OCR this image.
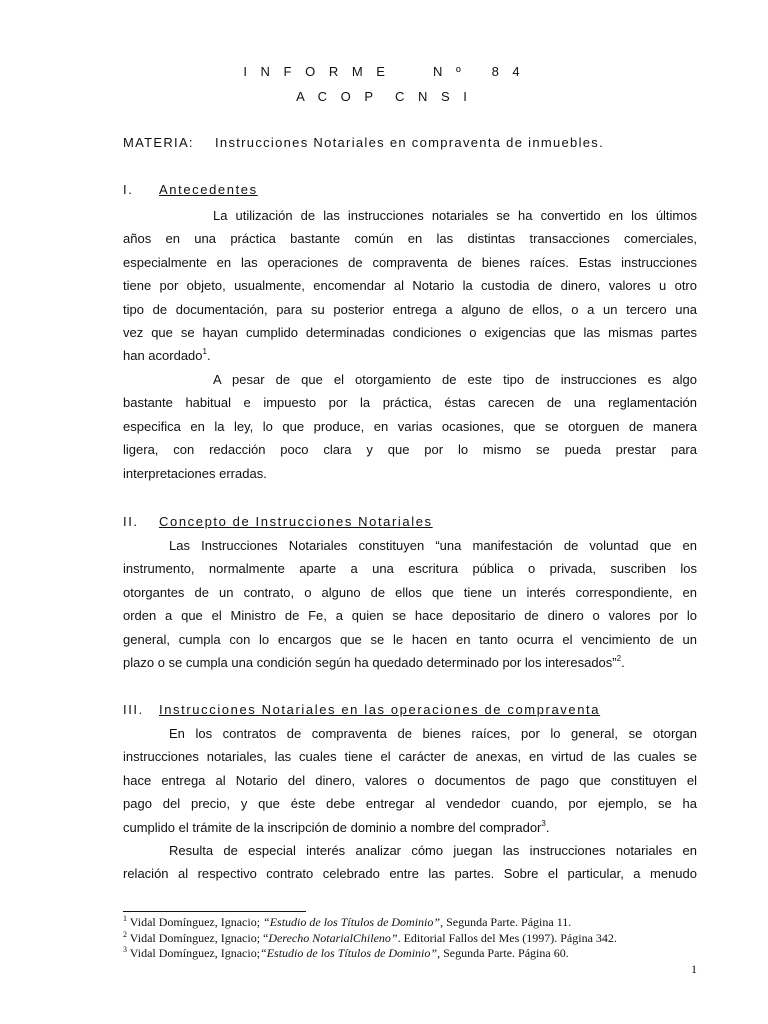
I N F O R M E     N º   8 4
A C O P  C N S I
MATERIA: Instrucciones Notariales en compraventa de inmuebles.
I. Antecedentes
La utilización de las instrucciones notariales se ha convertido en los últimos
años en una práctica bastante común en las distintas transacciones comerciales,
especialmente en las operaciones de compraventa de bienes raíces. Estas instrucciones
tiene por objeto, usualmente, encomendar al Notario la custodia de dinero, valores u otro
tipo de documentación, para su posterior entrega a alguno de ellos, o a un tercero una
vez que se hayan cumplido determinadas condiciones o exigencias que las mismas partes
han acordado$^1$.
A pesar de que el otorgamiento de este tipo de instrucciones es algo
bastante habitual e impuesto por la práctica, éstas carecen de una reglamentación
especifica en la ley, lo que produce, en varias ocasiones, que se otorguen de manera
ligera, con redacción poco clara y que por lo mismo se pueda prestar para
interpretaciones erradas.
II. Concepto de Instrucciones Notariales
Las Instrucciones Notariales constituyen “una manifestación de voluntad que en
instrumento, normalmente aparte a una escritura pública o privada, suscriben los
otorgantes de un contrato, o alguno de ellos que tiene un interés correspondiente, en
orden a que el Ministro de Fe, a quien se hace depositario de dinero o valores por lo
general, cumpla con lo encargos que se le hacen en tanto ocurra el vencimiento de un
plazo o se cumpla una condición según ha quedado determinado por los interesados”$^2$.
III. Instrucciones Notariales en las operaciones de compraventa
En los contratos de compraventa de bienes raíces, por lo general, se otorgan
instrucciones notariales, las cuales tiene el carácter de anexas, en virtud de las cuales se
hace entrega al Notario del dinero, valores o documentos de pago que constituyen el
pago del precio, y que éste debe entregar al vendedor cuando, por ejemplo, se ha
cumplido el trámite de la inscripción de dominio a nombre del comprador$^3$.
Resulta de especial interés analizar cómo juegan las instrucciones notariales en
relación al respectivo contrato celebrado entre las partes. Sobre el particular, a menudo
$^1$ Vidal Domínguez, Ignacio; “Estudio de los Títulos de Dominio”, Segunda Parte. Página 11.
$^2$ Vidal Domínguez, Ignacio; “Derecho NotarialChileno”. Editorial Fallos del Mes (1997). Página 342.
$^3$ Vidal Domínguez, Ignacio;“Estudio de los Títulos de Dominio”, Segunda Parte. Página 60.
1
